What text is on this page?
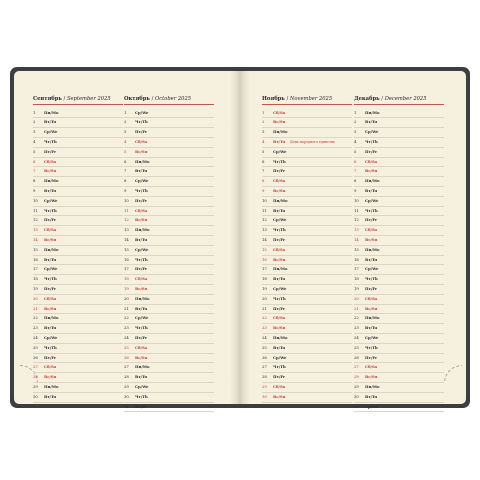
Сентябрь / September 2025
1	Пн/Mo
2	Вт/Tu
3	Ср/We
4	Чт/Th
5	Пт/Fr
6	Сб/Sa
7	Вс/Su
8	Пн/Mo
9	Вт/Tu
10	Ср/We
11	Чт/Th
12	Пт/Fr
13	Сб/Sa
14	Вс/Su
15	Пн/Mo
16	Вт/Tu
17	Ср/We
18	Чт/Th
19	Пт/Fr
20	Сб/Sa
21	Вс/Su
22	Пн/Mo
23	Вт/Tu
24	Ср/We
25	Чт/Th
26	Пт/Fr
27	Сб/Sa
28	Вс/Su
29	Пн/Mo
30	Вт/Tu
Октябрь / October 2025
1	Ср/We
2	Чт/Th
3	Пт/Fr
4	Сб/Sa
5	Вс/Su
6	Пн/Mo
7	Вт/Tu
8	Ср/We
9	Чт/Th
10	Пт/Fr
11	Сб/Sa
12	Вс/Su
13	Пн/Mo
14	Вт/Tu
15	Ср/We
16	Чт/Th
17	Пт/Fr
18	Сб/Sa
19	Вс/Su
20	Пн/Mo
21	Вт/Tu
22	Ср/We
23	Чт/Th
24	Пт/Fr
25	Сб/Sa
26	Вс/Su
27	Пн/Mo
28	Вт/Tu
29	Ср/We
30	Чт/Th
31	Пт/Fr
Ноябрь / November 2025
1	Сб/Sa
2	Вс/Su
3	Пн/Mo
4	Вт/Tu День народного единства
5	Ср/We
6	Чт/Th
7	Пт/Fr
8	Сб/Sa
9	Вс/Su
10	Пн/Mo
11	Вт/Tu
12	Ср/We
13	Чт/Th
14	Пт/Fr
15	Сб/Sa
16	Вс/Su
17	Пн/Mo
18	Вт/Tu
19	Ср/We
20	Чт/Th
21	Пт/Fr
22	Сб/Sa
23	Вс/Su
24	Пн/Mo
25	Вт/Tu
26	Ср/We
27	Чт/Th
28	Пт/Fr
29	Сб/Sa
30	Вс/Su
Декабрь / December 2025
1	Пн/Mo
2	Вт/Tu
3	Ср/We
4	Чт/Th
5	Пт/Fr
6	Сб/Sa
7	Вс/Su
8	Пн/Mo
9	Вт/Tu
10	Ср/We
11	Чт/Th
12	Пт/Fr
13	Сб/Sa
14	Вс/Su
15	Пн/Mo
16	Вт/Tu
17	Ср/We
18	Чт/Th
19	Пт/Fr
20	Сб/Sa
21	Вс/Su
22	Пн/Mo
23	Вт/Tu
24	Ср/We
25	Чт/Th
26	Пт/Fr
27	Сб/Sa
28	Вс/Su
29	Пн/Mo
30	Вт/Tu
31	Ср/We
